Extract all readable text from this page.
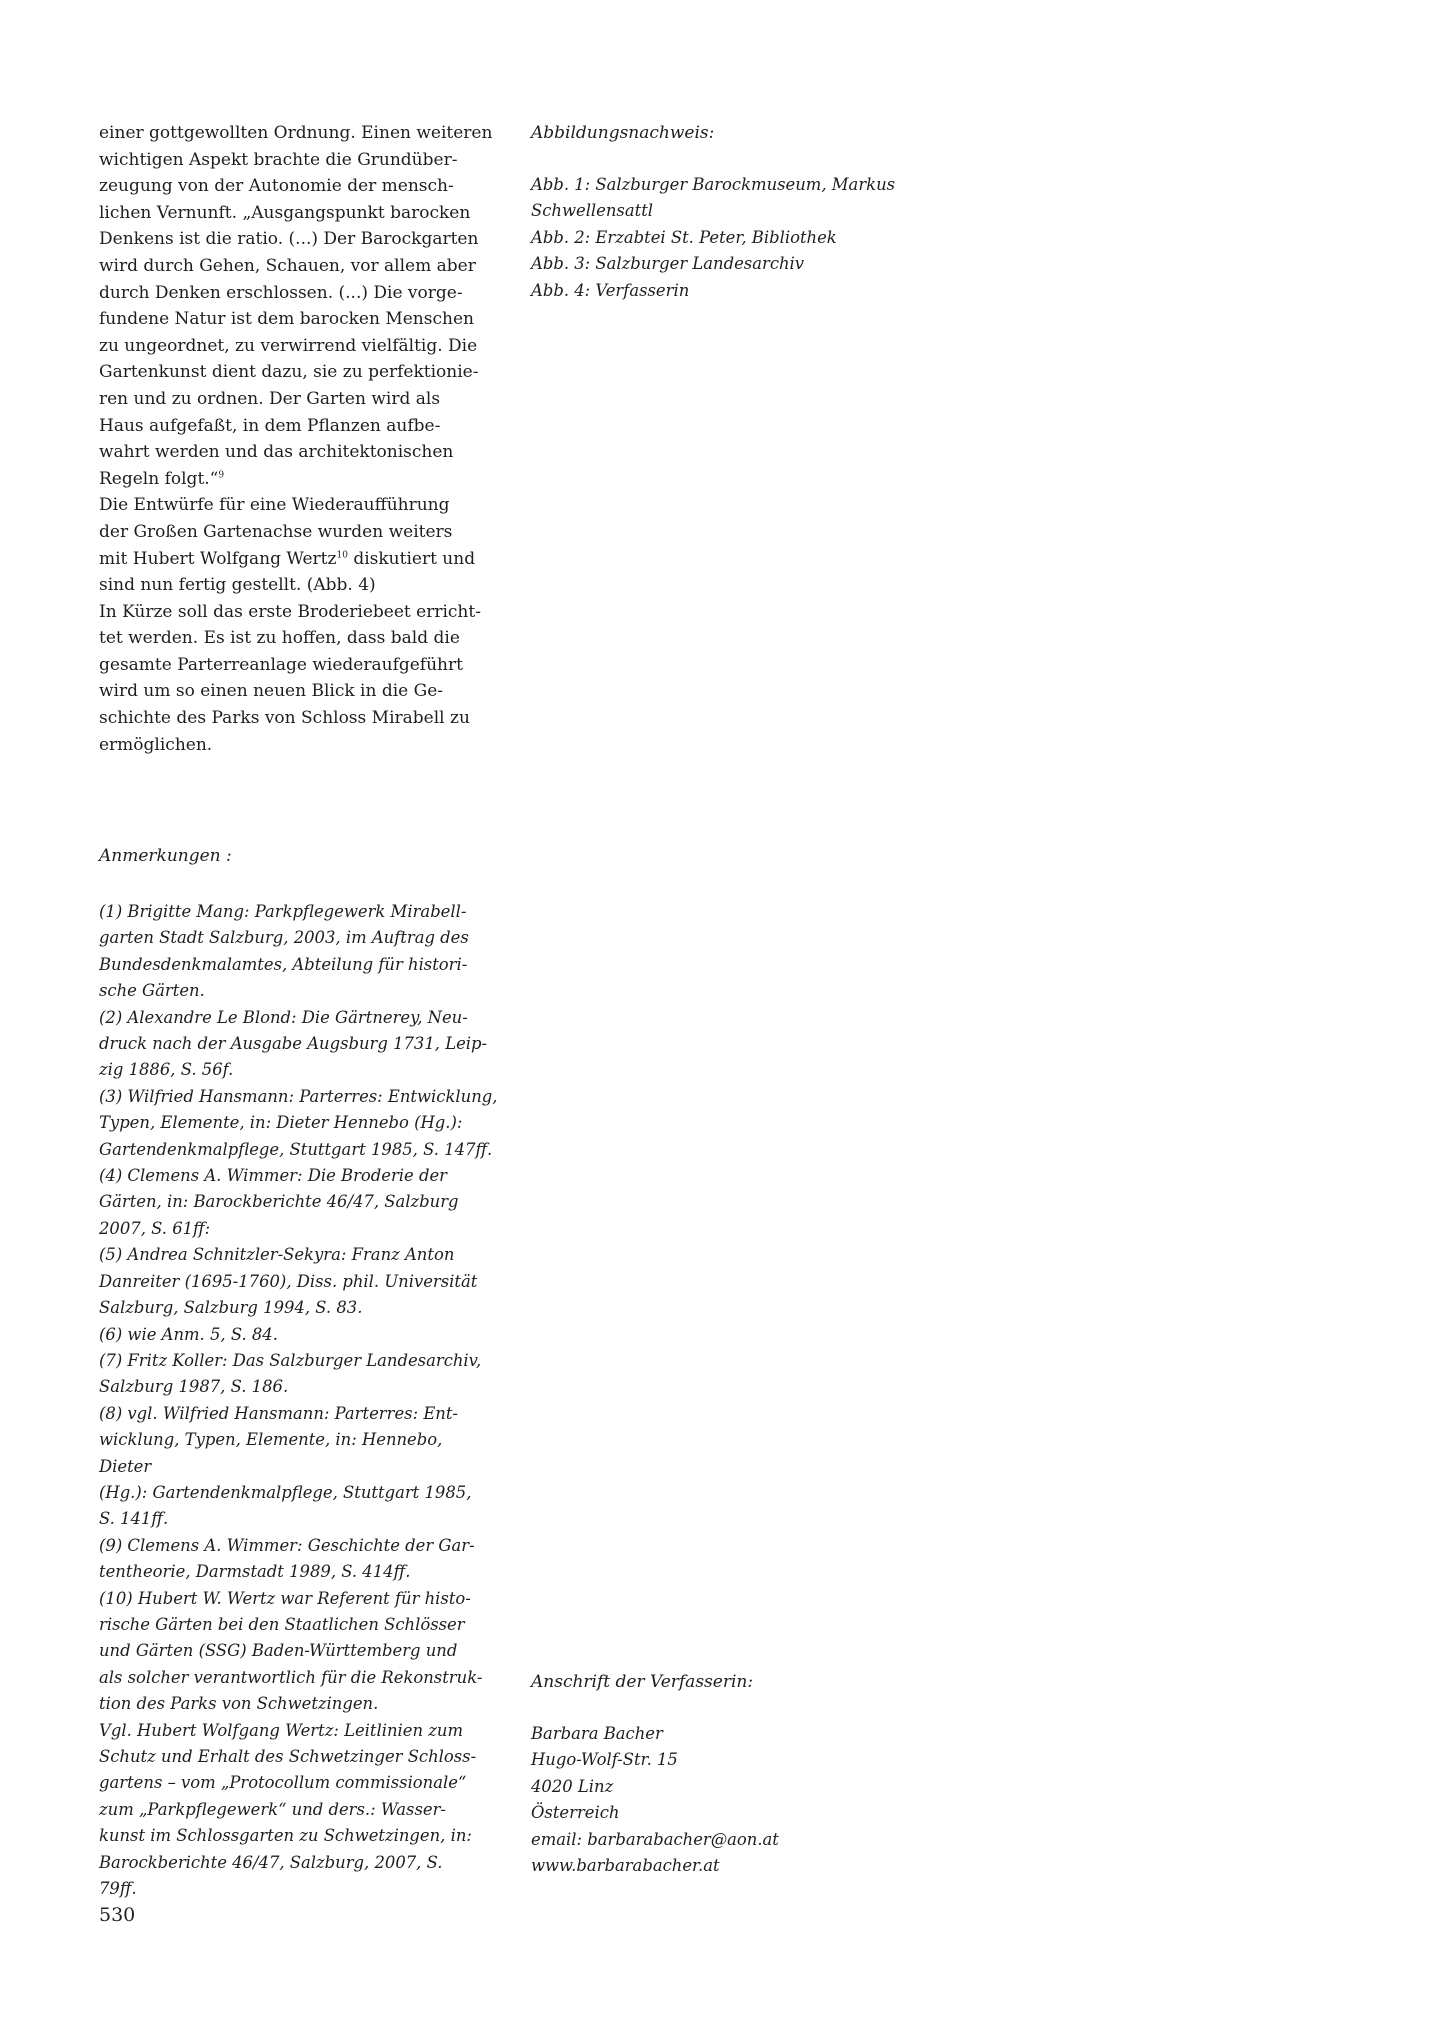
einer gottgewollten Ordnung. Einen weiteren
wichtigen Aspekt brachte die Grundüber-
zeugung von der Autonomie der mensch-
lichen Vernunft. „Ausgangspunkt barocken
Denkens ist die ratio. (...) Der Barockgarten
wird durch Gehen, Schauen, vor allem aber
durch Denken erschlossen. (...) Die vorge-
fundene Natur ist dem barocken Menschen
zu ungeordnet, zu verwirrend vielfältig. Die
Gartenkunst dient dazu, sie zu perfektionie-
ren und zu ordnen. Der Garten wird als
Haus aufgefaßt, in dem Pflanzen aufbe-
wahrt werden und das architektonischen
Regeln folgt.“$^9$

Die Entwürfe für eine Wiederaufführung
der Großen Gartenachse wurden weiters
mit Hubert Wolfgang Wertz$^{10}$ diskutiert und
sind nun fertig gestellt. (Abb. 4)

In Kürze soll das erste Broderiebeet erricht-
tet werden. Es ist zu hoffen, dass bald die
gesamte Parterreanlage wiederaufgeführt
wird um so einen neuen Blick in die Ge-
schichte des Parks von Schloss Mirabell zu
ermöglichen.

Abbildungsnachweis:

Abb. 1: Salzburger Barockmuseum, Markus

Schwellensattl

Abb. 2: Erzabtei St. Peter, Bibliothek

Abb. 3: Salzburger Landesarchiv

Abb. 4: Verfasserin

Anmerkungen :

(1) Brigitte Mang: Parkpflegewerk Mirabell-

garten Stadt Salzburg, 2003, im Auftrag des

Bundesdenkmalamtes, Abteilung für histori-

sche Gärten.

(2) Alexandre Le Blond: Die Gärtnerey, Neu-

druck nach der Ausgabe Augsburg 1731, Leip-

zig 1886, S. 56f.

(3) Wilfried Hansmann: Parterres: Entwicklung,

Typen, Elemente, in: Dieter Hennebo (Hg.):

Gartendenkmalpflege, Stuttgart 1985, S. 147ff.

(4) Clemens A. Wimmer: Die Broderie der

Gärten, in: Barockberichte 46/47, Salzburg

2007, S. 61ff:

(5) Andrea Schnitzler-Sekyra: Franz Anton

Danreiter (1695-1760), Diss. phil. Universität

Salzburg, Salzburg 1994, S. 83.

(6) wie Anm. 5, S. 84.

(7) Fritz Koller: Das Salzburger Landesarchiv,

Salzburg 1987, S. 186.

(8) vgl. Wilfried Hansmann: Parterres: Ent-

wicklung, Typen, Elemente, in: Hennebo, Dieter

(Hg.): Gartendenkmalpflege, Stuttgart 1985,

S. 141ff.

(9) Clemens A. Wimmer: Geschichte der Gar-

tentheorie, Darmstadt 1989, S. 414ff.

(10) Hubert W. Wertz war Referent für histo-

rische Gärten bei den Staatlichen Schlösser

und Gärten (SSG) Baden-Württemberg und

als solcher verantwortlich für die Rekonstruk-

tion des Parks von Schwetzingen.

Vgl. Hubert Wolfgang Wertz: Leitlinien zum

Schutz und Erhalt des Schwetzinger Schloss-

gartens – vom „Protocollum commissionale“

zum „Parkpflegewerk“ und ders.: Wasser-

kunst im Schlossgarten zu Schwetzingen, in:

Barockberichte 46/47, Salzburg, 2007, S.

79ff.

Anschrift der Verfasserin:

Barbara Bacher

Hugo-Wolf-Str. 15

4020 Linz

Österreich

email: barbarabacher@aon.at

www.barbarabacher.at

530
